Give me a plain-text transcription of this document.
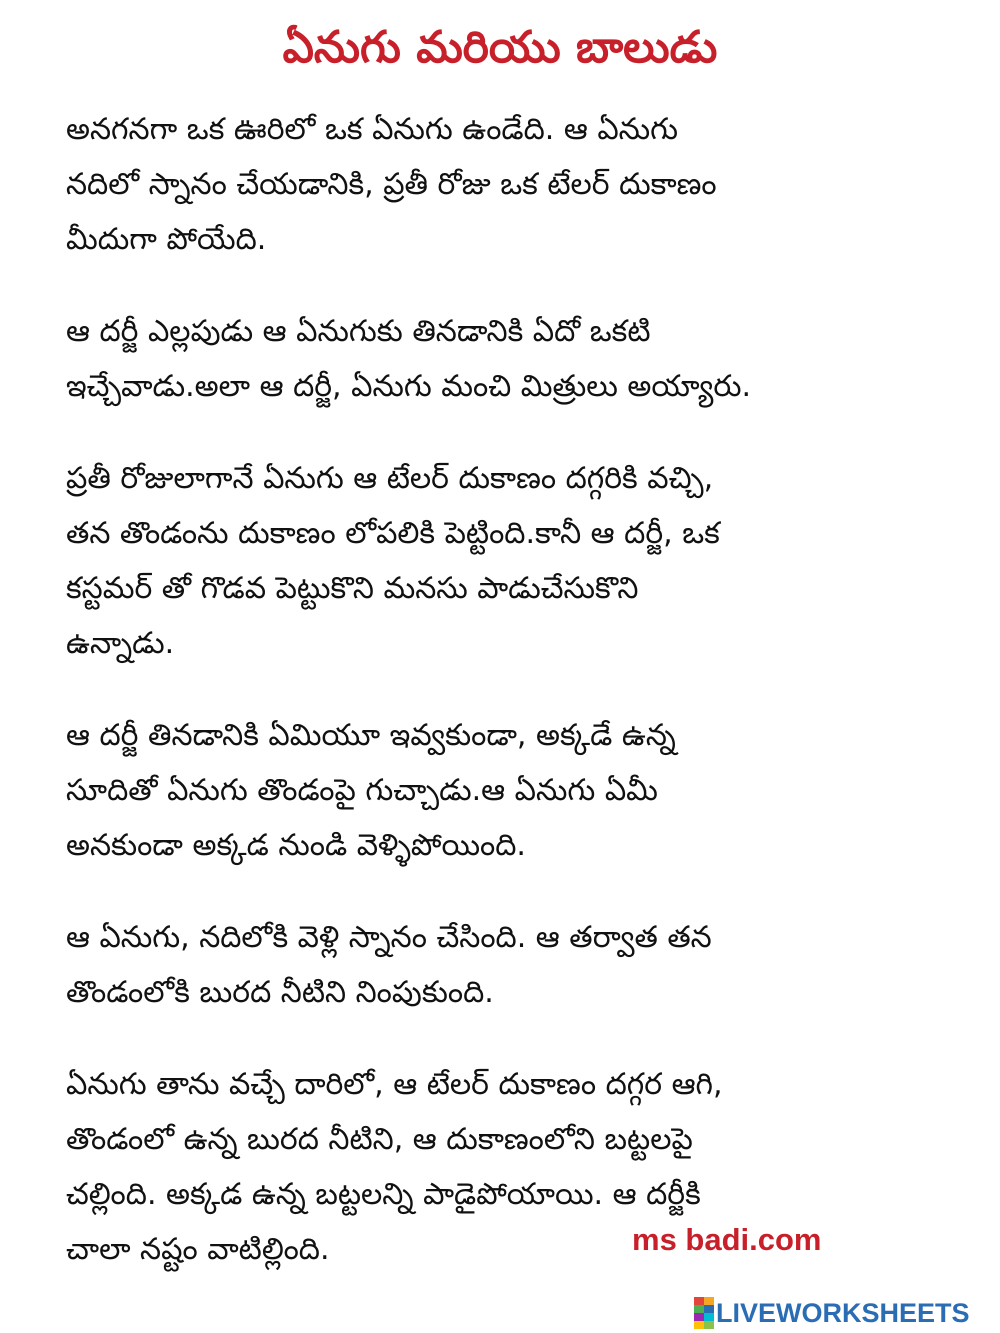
ఏనుగు మరియు బాలుడు
అనగనగా ఒక ఊరిలో ఒక ఏనుగు ఉండేది. ఆ ఏనుగు
నదిలో స్నానం చేయడానికి, ప్రతీ రోజు ఒక టేలర్ దుకాణం
మీదుగా పోయేది.
ఆ దర్జీ ఎల్లపుడు ఆ ఏనుగుకు తినడానికి ఏదో ఒకటి
ఇచ్చేవాడు.అలా ఆ దర్జీ, ఏనుగు మంచి మిత్రులు అయ్యారు.
ప్రతీ రోజులాగానే ఏనుగు ఆ టేలర్ దుకాణం దగ్గరికి వచ్చి,
తన తొండంను దుకాణం లోపలికి పెట్టింది.కానీ ఆ దర్జీ, ఒక
కస్టమర్ తో గొడవ పెట్టుకొని మనసు పాడుచేసుకొని
ఉన్నాడు.
ఆ దర్జీ తినడానికి ఏమియూ ఇవ్వకుండా, అక్కడే ఉన్న
సూదితో ఏనుగు తొండంపై గుచ్చాడు.ఆ ఏనుగు ఏమీ
అనకుండా అక్కడ నుండి వెళ్ళిపోయింది.
ఆ ఏనుగు, నదిలోకి వెళ్లి స్నానం చేసింది. ఆ తర్వాత తన
తొండంలోకి బురద నీటిని నింపుకుంది.
ఏనుగు తాను వచ్చే దారిలో, ఆ టేలర్ దుకాణం దగ్గర ఆగి,
తొండంలో ఉన్న బురద నీటిని, ఆ దుకాణంలోని బట్టలపై
చల్లింది. అక్కడ ఉన్న బట్టలన్ని పాడైపోయాయి. ఆ దర్జీకి
చాలా నష్టం వాటిల్లింది.	ms badi.com
LIVEWORKSHEETS
